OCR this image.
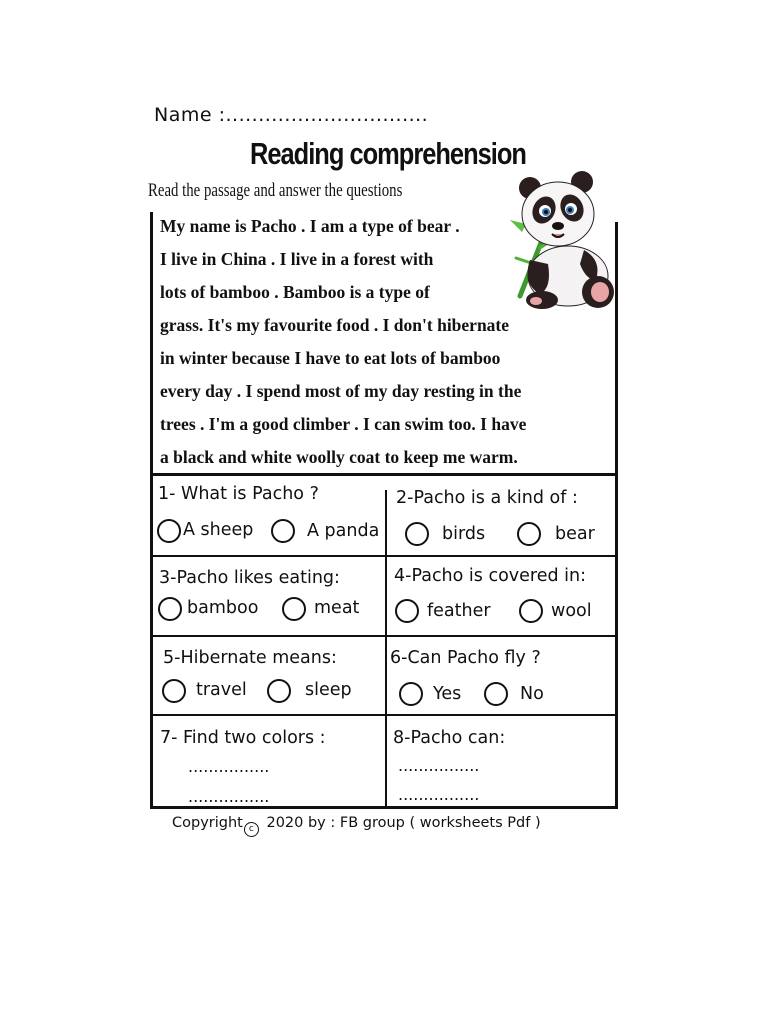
Name :...............................
Reading comprehension
Read the passage and answer the questions
My name is Pacho . I am a type of bear .
I live in China . I live in a forest with
lots of bamboo . Bamboo is a type of
grass. It's my favourite food . I don't hibernate
in winter because I have to eat lots of bamboo
every day . I spend most of my day resting in the
trees . I'm a good climber . I can swim too. I have
a black and white woolly coat to keep me warm.
1- What is Pacho ?
A sheep	A panda
2-Pacho is a kind of :
birds	bear
3-Pacho likes eating:
bamboo	meat
4-Pacho is covered in:
feather	wool
5-Hibernate means:
travel	sleep
6-Can Pacho fly ?
Yes	No
7- Find two colors :
................
................
8-Pacho can:
................
................
Copyright c 2020 by : FB group ( worksheets Pdf )
